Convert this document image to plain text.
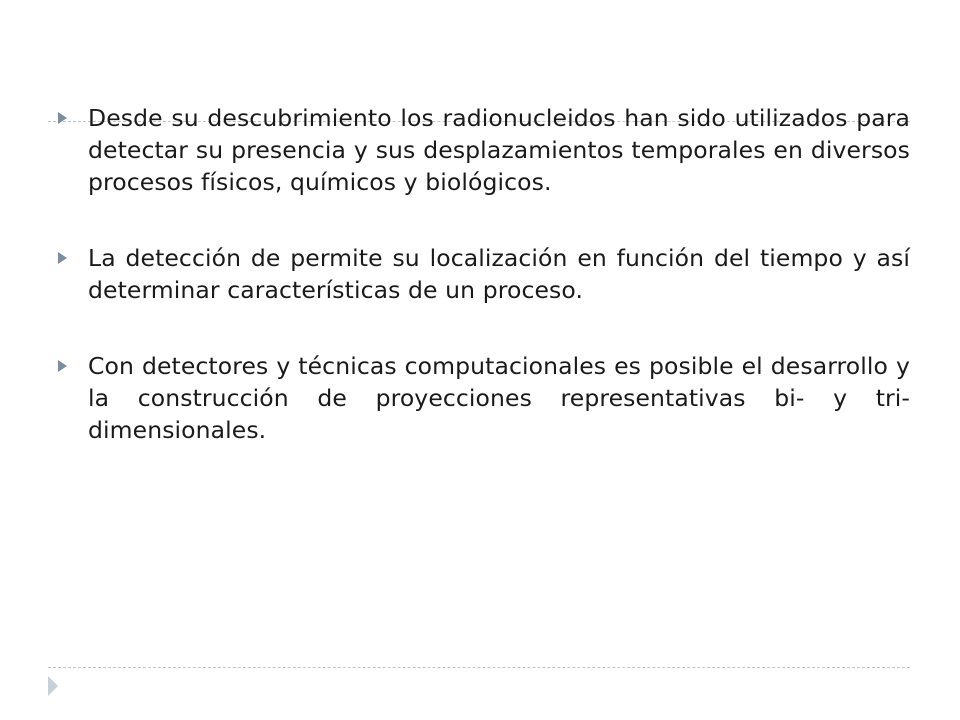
Desde su descubrimiento los radionucleidos han sido utilizados para detectar su presencia y sus desplazamientos temporales en diversos procesos físicos, químicos y biológicos.
La detección de permite su localización en función del tiempo y así determinar características de un proceso.
Con detectores y técnicas computacionales es posible el desarrollo y la construcción de proyecciones representativas bi- y tri-dimensionales.
